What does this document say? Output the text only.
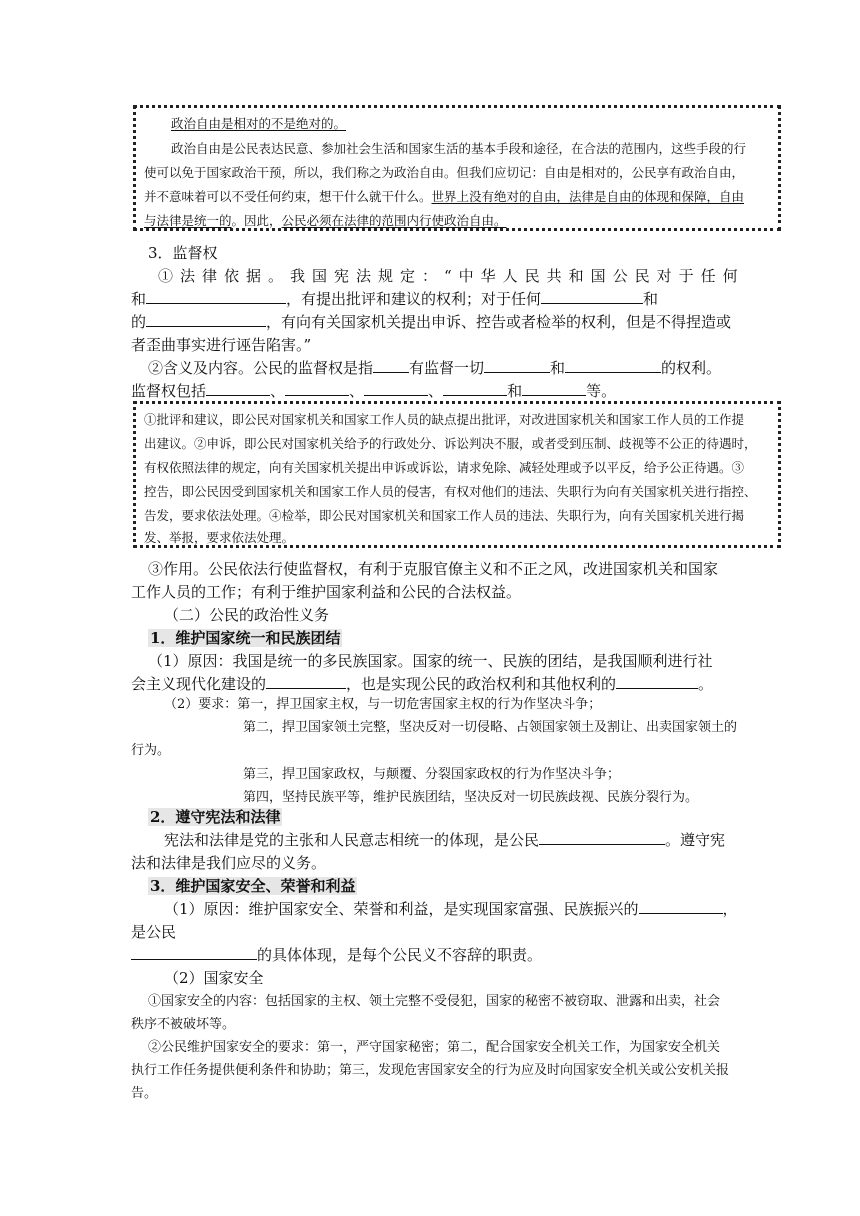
政治自由是相对的不是绝对的。
政治自由是公民表达民意、参加社会生活和国家生活的基本手段和途径，在合法的范围内，这些手段的行
使可以免于国家政治干预，所以，我们称之为政治自由。但我们应切记：自由是相对的，公民享有政治自由，
并不意味着可以不受任何约束，想干什么就干什么。世界上没有绝对的自由，法律是自由的体现和保障，自由
与法律是统一的。因此，公民必须在法律的范围内行使政治自由。
3．监督权
①法律依据。我国宪法规定：“中华人民共和国公民对于任何
和	，有提出批评和建议的权利；对于任何	和
的	，有向有关国家机关提出申诉、控告或者检举的权利，但是不得捏造或
者歪曲事实进行诬告陷害。”
②含义及内容。公民的监督权是指 有监督一切	和	的权利。
监督权包括	、	、	、	和	等。
①批评和建议，即公民对国家机关和国家工作人员的缺点提出批评，对改进国家机关和国家工作人员的工作提
出建议。②申诉，即公民对国家机关给予的行政处分、诉讼判决不服，或者受到压制、歧视等不公正的待遇时，
有权依照法律的规定，向有关国家机关提出申诉或诉讼，请求免除、减轻处理或予以平反，给予公正待遇。③
控告，即公民因受到国家机关和国家工作人员的侵害，有权对他们的违法、失职行为向有关国家机关进行指控、
告发，要求依法处理。④检举，即公民对国家机关和国家工作人员的违法、失职行为，向有关国家机关进行揭
发、举报，要求依法处理。
③作用。公民依法行使监督权，有利于克服官僚主义和不正之风，改进国家机关和国家
工作人员的工作；有利于维护国家利益和公民的合法权益。
（二）公民的政治性义务
1．维护国家统一和民族团结
（1）原因：我国是统一的多民族国家。国家的统一、民族的团结，是我国顺利进行社
会主义现代化建设的	，也是实现公民的政治权利和其他权利的	。
（2）要求：第一，捍卫国家主权，与一切危害国家主权的行为作坚决斗争；
第二，捍卫国家领土完整，坚决反对一切侵略、占领国家领土及割让、出卖国家领土的
行为。
第三，捍卫国家政权，与颠覆、分裂国家政权的行为作坚决斗争；
第四，坚持民族平等，维护民族团结，坚决反对一切民族歧视、民族分裂行为。
2．遵守宪法和法律
宪法和法律是党的主张和人民意志相统一的体现，是公民	。遵守宪
法和法律是我们应尽的义务。
3．维护国家安全、荣誉和利益
（1）原因：维护国家安全、荣誉和利益，是实现国家富强、民族振兴的	，
是公民
的具体体现，是每个公民义不容辞的职责。
（2）国家安全
①国家安全的内容：包括国家的主权、领土完整不受侵犯，国家的秘密不被窃取、泄露和出卖，社会
秩序不被破坏等。
②公民维护国家安全的要求：第一，严守国家秘密；第二，配合国家安全机关工作，为国家安全机关
执行工作任务提供便利条件和协助；第三，发现危害国家安全的行为应及时向国家安全机关或公安机关报
告。
